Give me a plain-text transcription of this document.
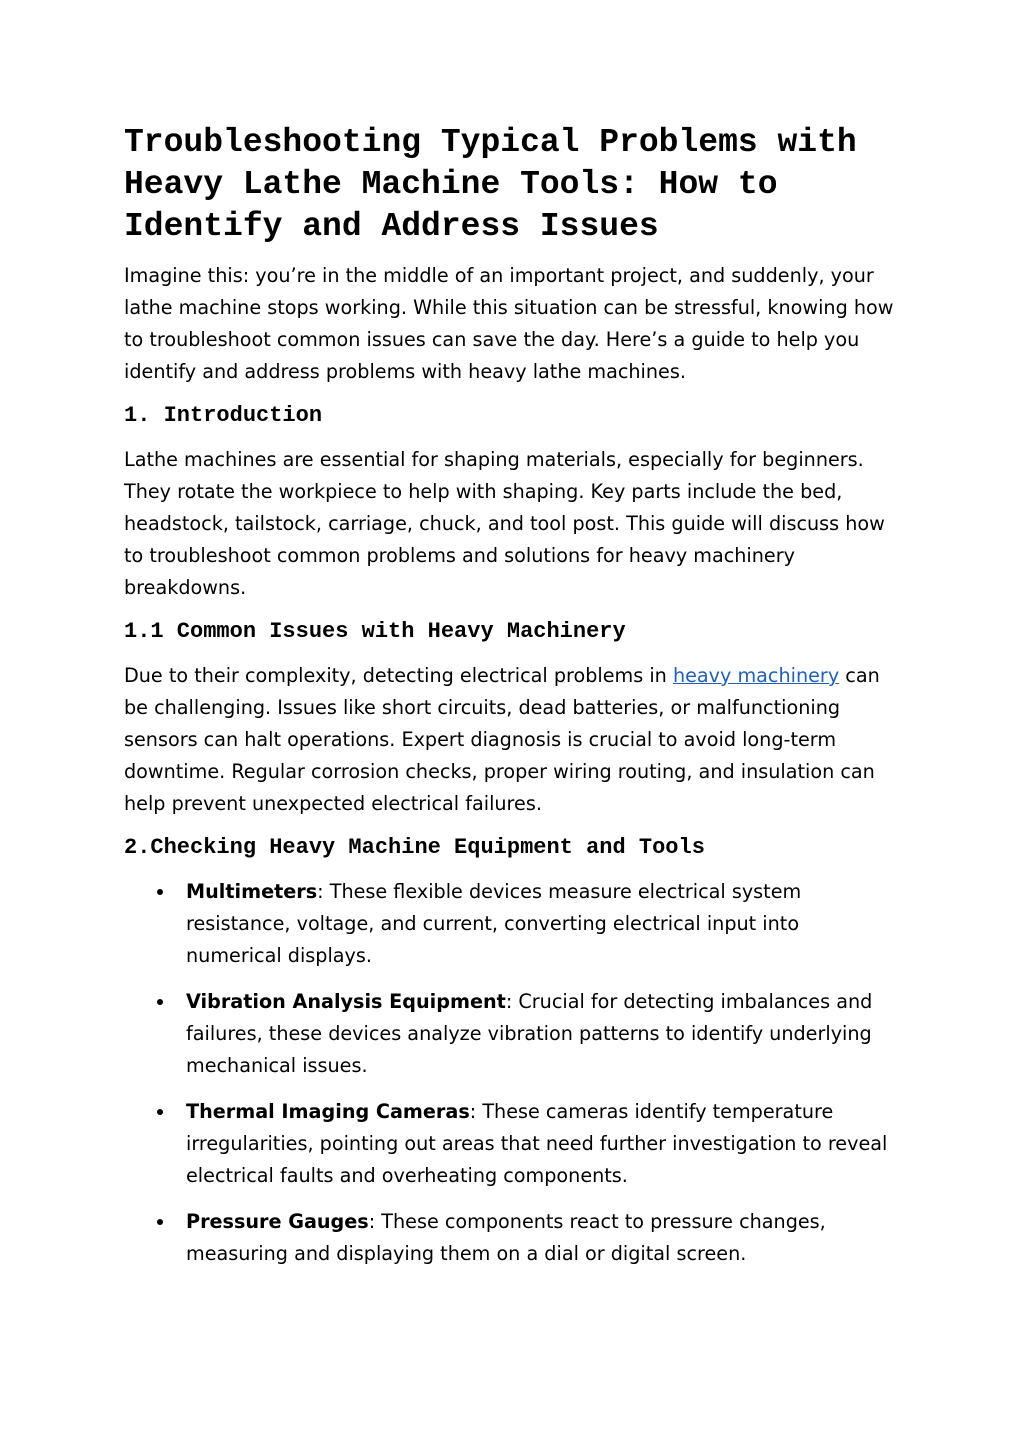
Troubleshooting Typical Problems with Heavy Lathe Machine Tools: How to Identify and Address Issues

Imagine this: you’re in the middle of an important project, and suddenly, your lathe machine stops working. While this situation can be stressful, knowing how to troubleshoot common issues can save the day. Here’s a guide to help you identify and address problems with heavy lathe machines.

1. Introduction

Lathe machines are essential for shaping materials, especially for beginners. They rotate the workpiece to help with shaping. Key parts include the bed, headstock, tailstock, carriage, chuck, and tool post. This guide will discuss how to troubleshoot common problems and solutions for heavy machinery breakdowns.

1.1 Common Issues with Heavy Machinery

Due to their complexity, detecting electrical problems in heavy machinery can be challenging. Issues like short circuits, dead batteries, or malfunctioning sensors can halt operations. Expert diagnosis is crucial to avoid long-term downtime. Regular corrosion checks, proper wiring routing, and insulation can help prevent unexpected electrical failures.

2.Checking Heavy Machine Equipment and Tools
Multimeters: These flexible devices measure electrical system resistance, voltage, and current, converting electrical input into numerical displays.
Vibration Analysis Equipment: Crucial for detecting imbalances and failures, these devices analyze vibration patterns to identify underlying mechanical issues.
Thermal Imaging Cameras: These cameras identify temperature irregularities, pointing out areas that need further investigation to reveal electrical faults and overheating components.
Pressure Gauges: These components react to pressure changes, measuring and displaying them on a dial or digital screen.
